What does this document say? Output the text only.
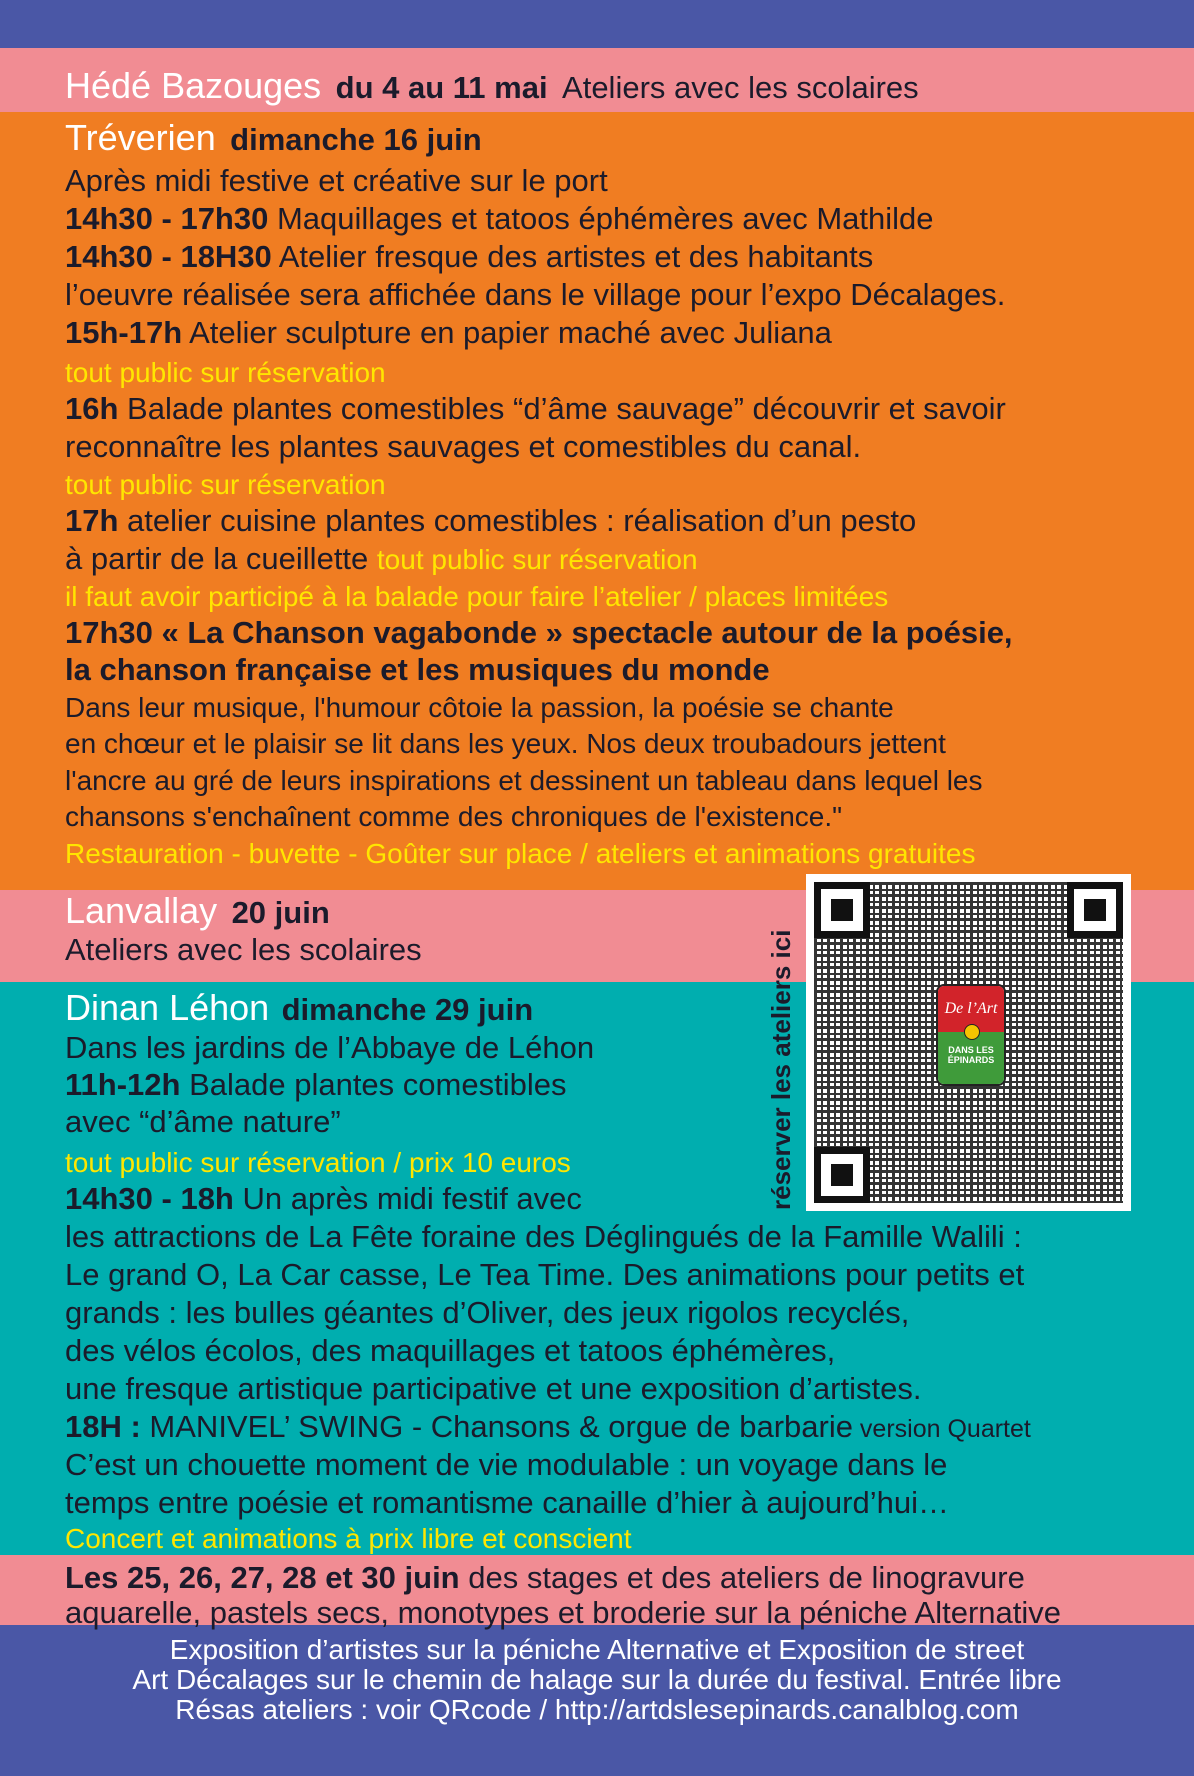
Hédé Bazouges du 4 au 11 mai Ateliers avec les scolaires
Tréverien dimanche 16 juin
Après midi festive et créative sur le port
14h30 - 17h30 Maquillages et tatoos éphémères avec Mathilde
14h30 - 18H30 Atelier fresque des artistes et des habitants
l’oeuvre réalisée sera affichée dans le village pour l’expo Décalages.
15h-17h Atelier sculpture en papier maché avec Juliana
tout public sur réservation
16h Balade plantes comestibles “d’âme sauvage” découvrir et savoir
reconnaître les plantes sauvages et comestibles du canal.
tout public sur réservation
17h atelier cuisine plantes comestibles : réalisation d’un pesto
à partir de la cueillette tout public sur réservation
il faut avoir participé à la balade pour faire l’atelier / places limitées
17h30 « La Chanson vagabonde » spectacle autour de la poésie,
la chanson française et les musiques du monde
Dans leur musique, l'humour côtoie la passion, la poésie se chante
en chœur et le plaisir se lit dans les yeux. Nos deux troubadours jettent
l'ancre au gré de leurs inspirations et dessinent un tableau dans lequel les
chansons s'enchaînent comme des chroniques de l'existence."
Restauration - buvette - Goûter sur place / ateliers et animations gratuites
Lanvallay 20 juin
Ateliers avec les scolaires
Dinan Léhon dimanche 29 juin
Dans les jardins de l’Abbaye de Léhon
11h-12h Balade plantes comestibles
avec “d’âme nature”
tout public sur réservation / prix 10 euros
14h30 - 18h Un après midi festif avec
les attractions de La Fête foraine des Déglingués de la Famille Walili :
Le grand O, La Car casse, Le Tea Time. Des animations pour petits et
grands : les bulles géantes d’Oliver, des jeux rigolos recyclés,
des vélos écolos, des maquillages et tatoos éphémères,
une fresque artistique participative et une exposition d’artistes.
18H : MANIVEL’ SWING - Chansons & orgue de barbarie version Quartet
C’est un chouette moment de vie modulable : un voyage dans le
temps entre poésie et romantisme canaille d’hier à aujourd’hui…
Concert et animations à prix libre et conscient
Les 25, 26, 27, 28 et 30 juin des stages et des ateliers de linogravure
aquarelle, pastels secs, monotypes et broderie sur la péniche Alternative
Exposition d’artistes sur la péniche Alternative et Exposition de street
Art Décalages sur le chemin de halage sur la durée du festival. Entrée libre
Résas ateliers : voir QRcode / http://artdslesepinards.canalblog.com
De l’Art
DANS LES ÉPINARDS
réserver les ateliers ici
